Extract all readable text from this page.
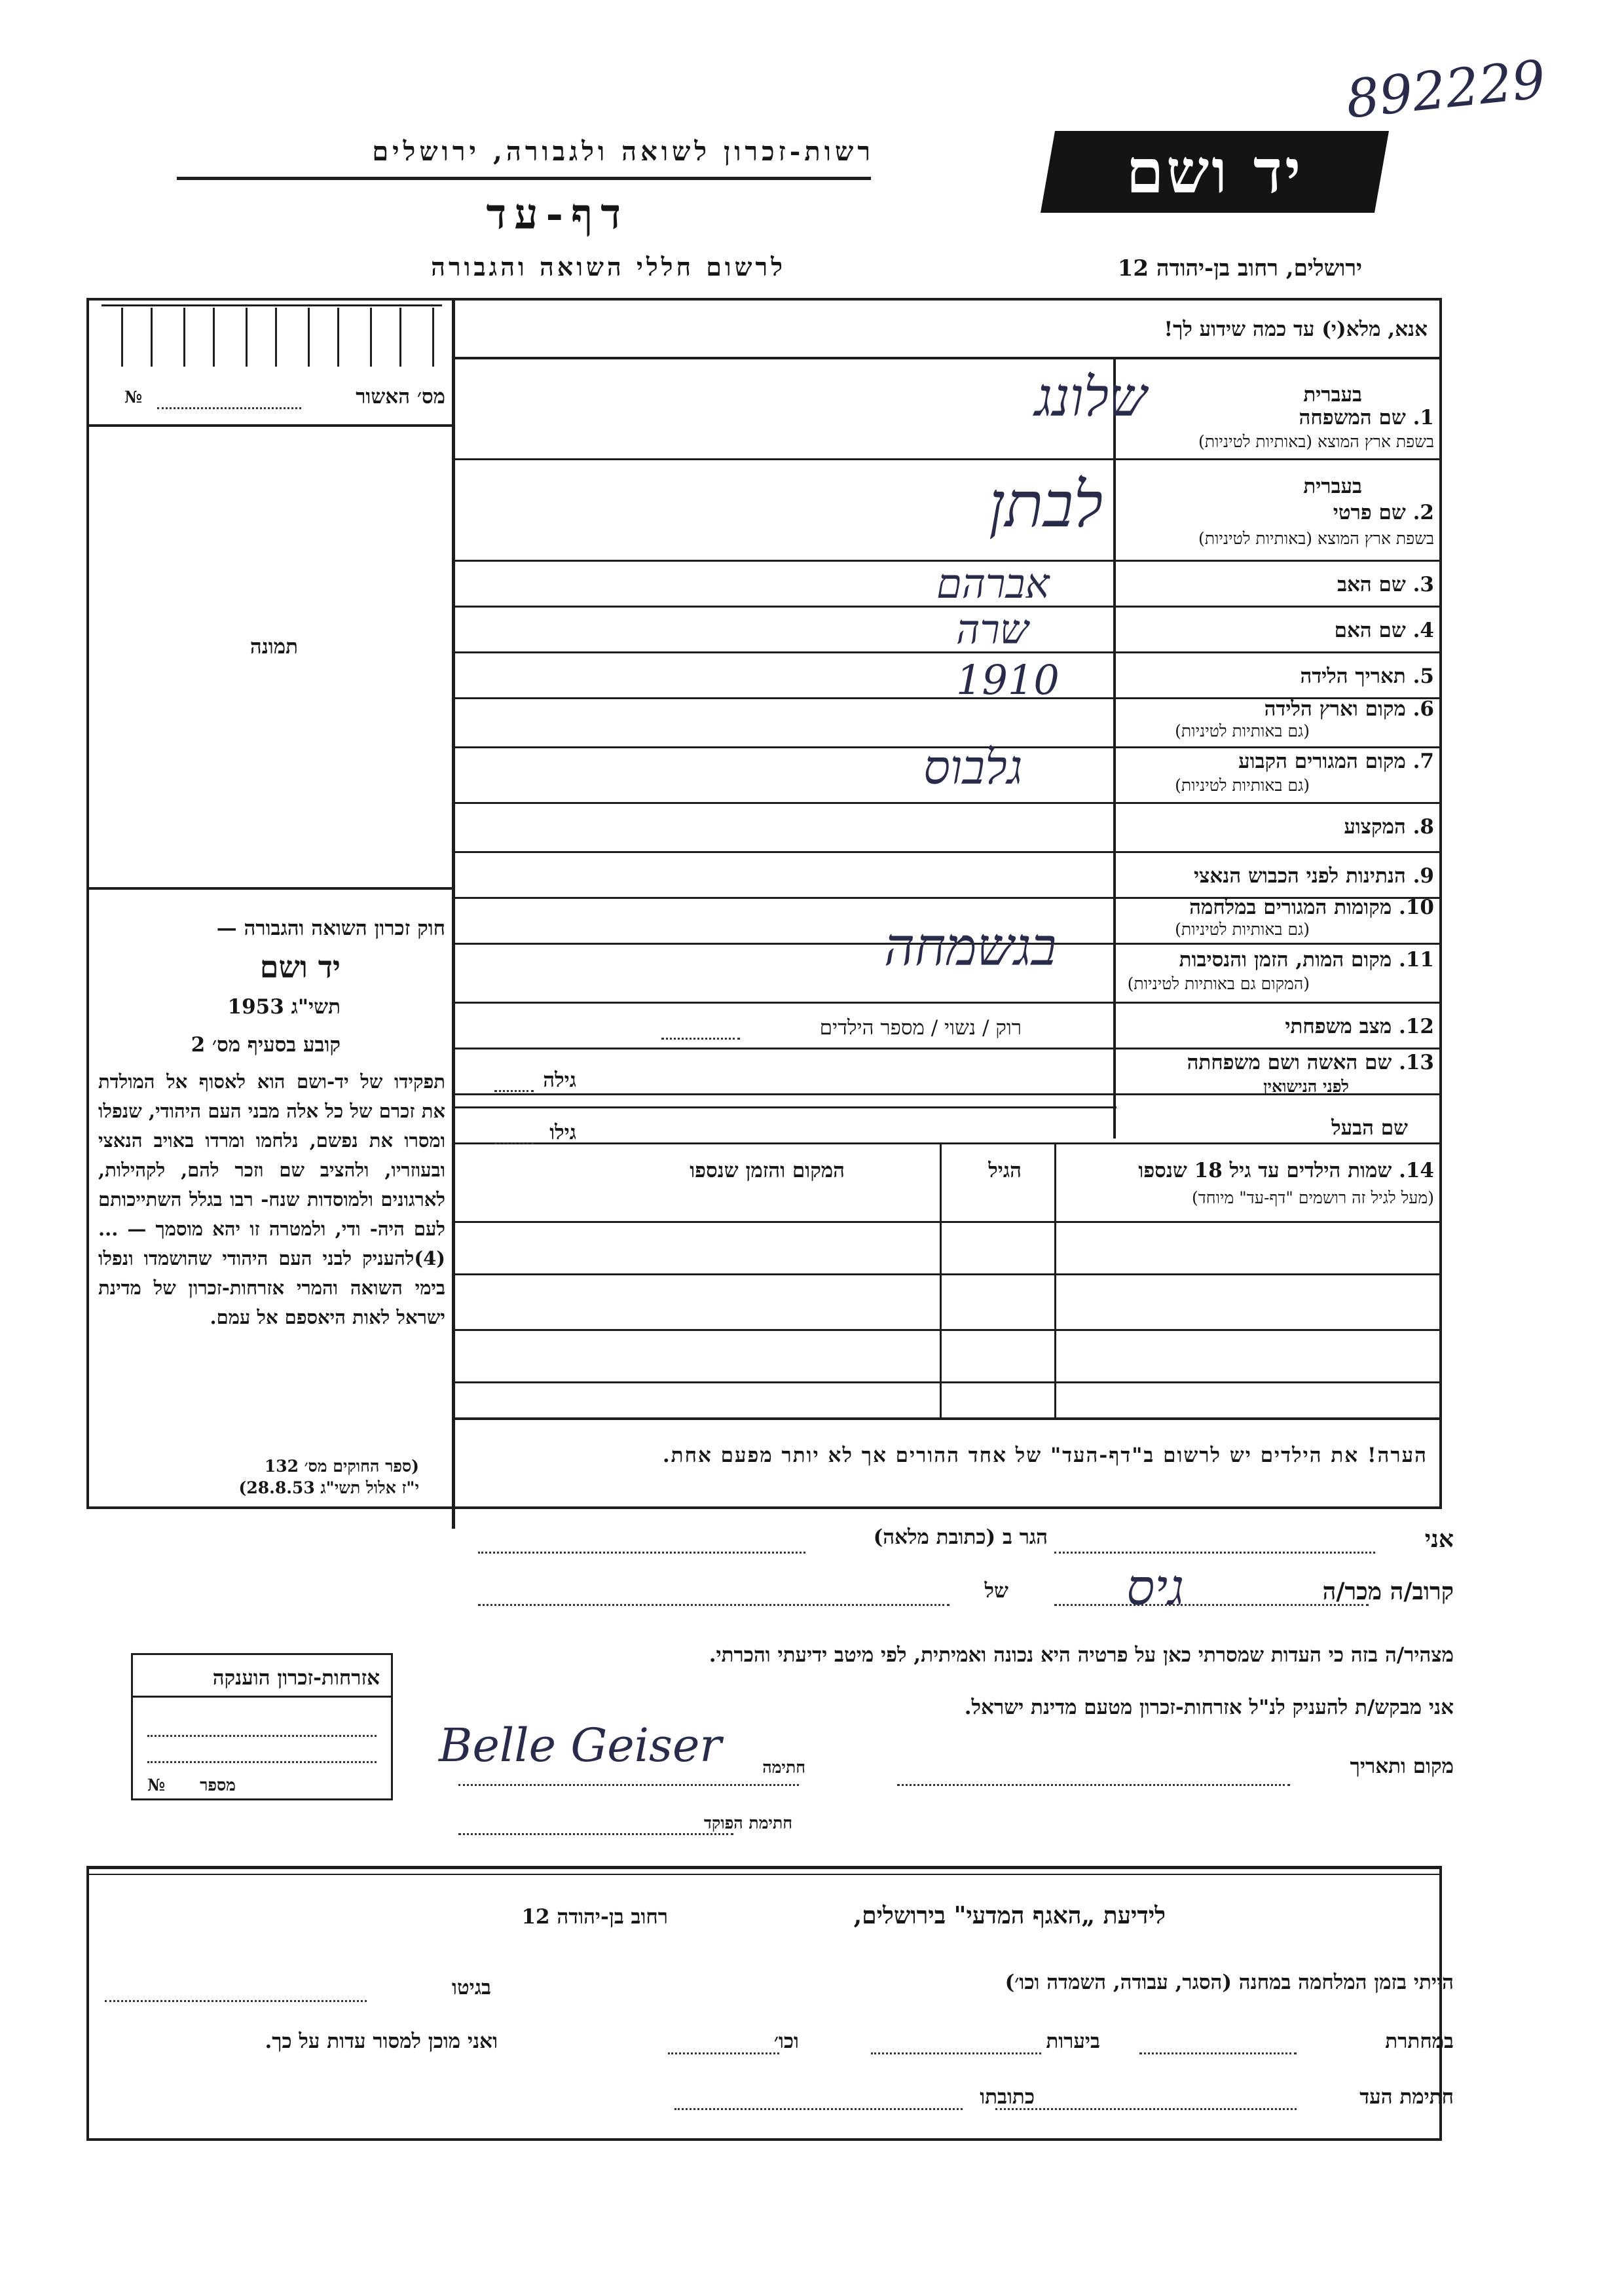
892229
יד ושם
רשות-זכרון לשואה ולגבורה, ירושלים
דף-עד
לרשום חללי השואה והגבורה	ירושלים, רחוב בן-יהודה 12
אנא, מלא(י) עד כמה שידוע לך!
בעברית
1. שם המשפחה
בשפת ארץ המוצא (באותיות לטיניות)
בעברית
2. שם פרטי
בשפת ארץ המוצא (באותיות לטיניות)
3. שם האב
4. שם האם
5. תאריך הלידה
6. מקום וארץ הלידה
(גם באותיות לטיניות)
7. מקום המגורים הקבוע
(גם באותיות לטיניות)
8. המקצוע
9. הנתינות לפני הכבוש הנאצי
10. מקומות המגורים במלחמה
(גם באותיות לטיניות)
11. מקום המות, הזמן והנסיבות
(המקום גם באותיות לטיניות)
12. מצב משפחתי
רוק / נשוי / מספר הילדים
13. שם האשה ושם משפחתה
לפני הנישואין
גילה
שם הבעל
גילו
14. שמות הילדים עד גיל 18 שנספו
(מעל לגיל זה רושמים "דף-עד" מיוחד)
הגיל
המקום והזמן שנספו
הערה! את הילדים יש לרשום ב"דף-העד" של אחד ההורים אך לא יותר מפעם אחת.
מס׳ האשור
№
תמונה
חוק זכרון השואה והגבורה —
יד ושם
תשי"ג 1953
קובע בסעיף מס׳ 2
תפקידו של יד-ושם הוא לאסוף אל המולדת את זכרם של כל אלה מבני העם היהודי, שנפלו ומסרו את נפשם, נלחמו ומרדו באויב הנאצי ובעוזריו, ולהציב שם וזכר להם, לקהילות, לארגונים ולמוסדות שנח- רבו בגלל השתייכותם לעם היה- ודי, ולמטרה זו יהא מוסמך — ...(4)להעניק לבני העם היהודי שהושמדו ונפלו בימי השואה והמרי אזרחות-זכרון של מדינת ישראל לאות היאספם אל עמם.
(ספר החוקים מס׳ 132
י"ז אלול תשי"ג 28.8.53)
אני
הגר ב (כתובת מלאה)
קרוב/ה מכר/ה
של
מצהיר/ה בזה כי העדות שמסרתי כאן על פרטיה היא נכונה ואמיתית, לפי מיטב ידיעתי והכרתי.
אני מבקש/ת להעניק לנ"ל אזרחות-זכרון מטעם מדינת ישראל.
מקום ותאריך
חתימה
חתימת הפוקד
אזרחות-זכרון הוענקה
מספר
№
לידיעת „האגף המדעי" בירושלים,
רחוב בן-יהודה 12
הייתי בזמן המלחמה במחנה (הסגר, עבודה, השמדה וכו׳)
בגיטו
במחתרת
ביערות
וכו׳
ואני מוכן למסור עדות על כך.
חתימת העד
כתובתו
שלונג
לבתן
אברהם
שרה
1910
גלבוס
בגשמחה
גיס
Belle Geiser
